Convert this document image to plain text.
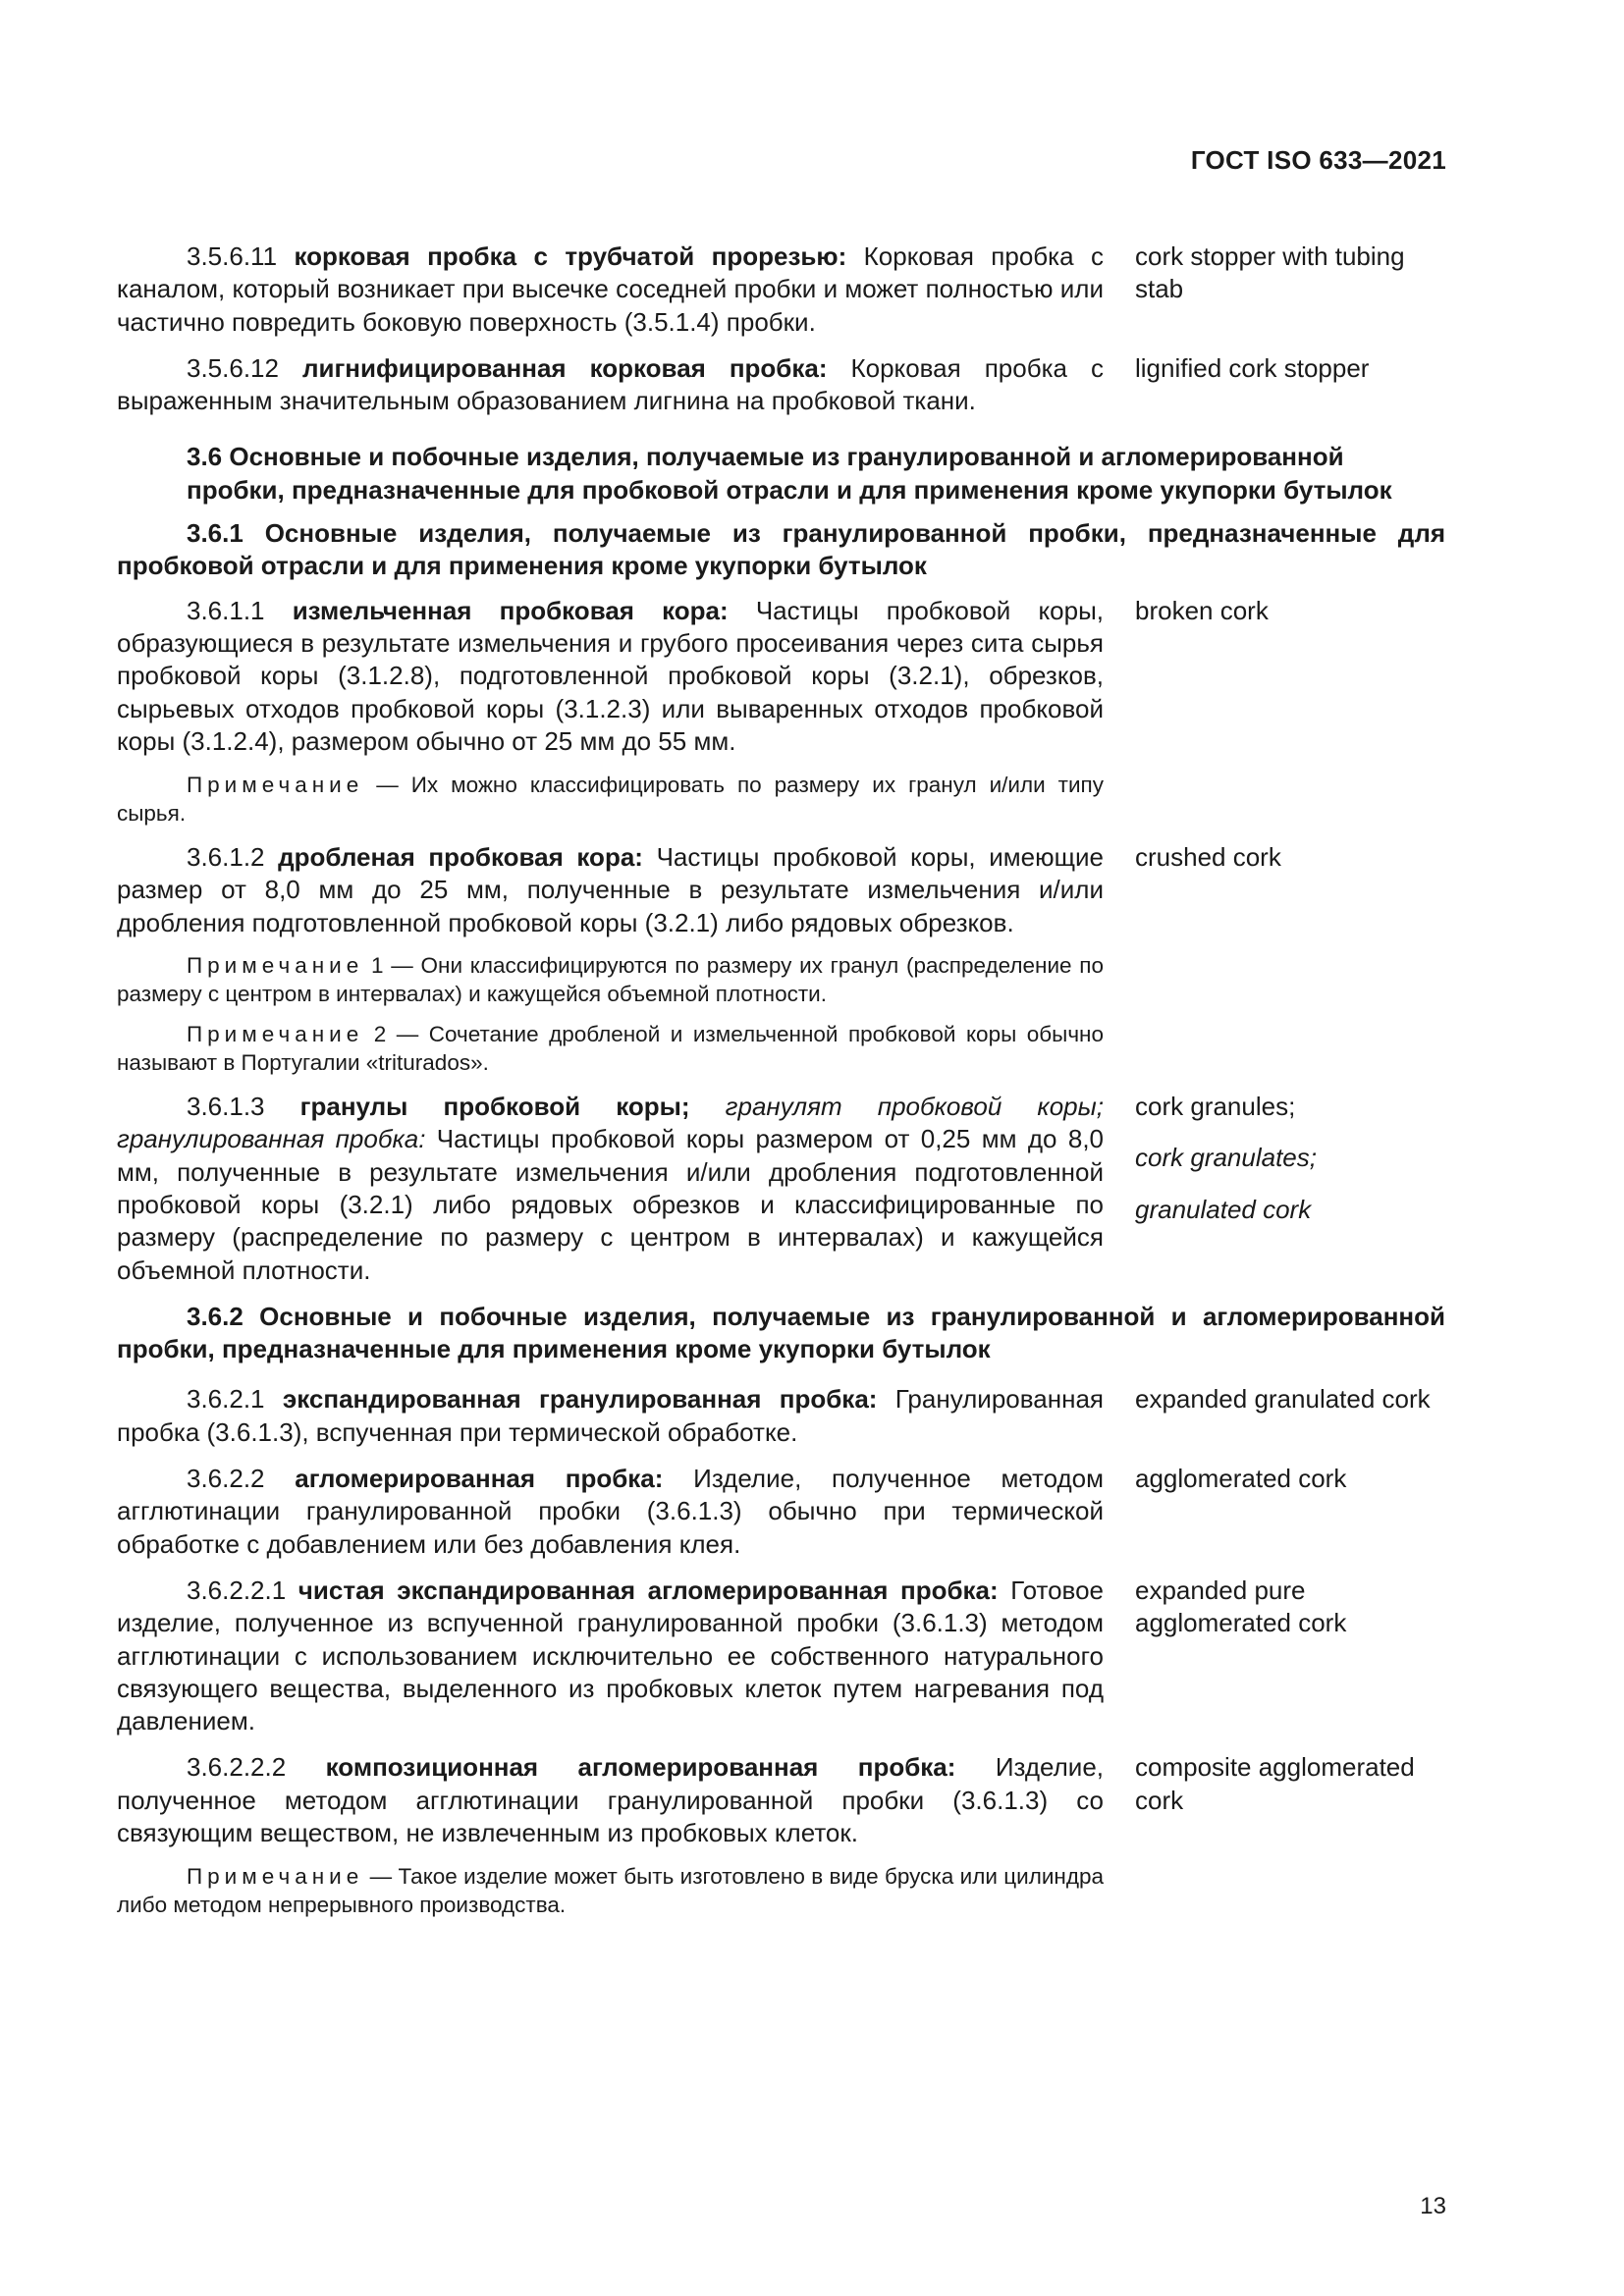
ГОСТ ISO 633—2021
3.5.6.11 корковая пробка с трубчатой прорезью: Корковая пробка с каналом, который возникает при высечке соседней пробки и может полностью или частично повредить боковую поверхность (3.5.1.4) пробки.
cork stopper with tubing stab
3.5.6.12 лигнифицированная корковая пробка: Корковая пробка с выраженным значительным образованием лигнина на пробковой ткани.
lignified cork stopper
3.6 Основные и побочные изделия, получаемые из гранулированной и агломерированной пробки, предназначенные для пробковой отрасли и для применения кроме укупорки бутылок
3.6.1 Основные изделия, получаемые из гранулированной пробки, предназначенные для пробковой отрасли и для применения кроме укупорки бутылок
3.6.1.1 измельченная пробковая кора: Частицы пробковой коры, образующиеся в результате измельчения и грубого просеивания через сита сырья пробковой коры (3.1.2.8), подготовленной пробковой коры (3.2.1), обрезков, сырьевых отходов пробковой коры (3.1.2.3) или вываренных отходов пробковой коры (3.1.2.4), размером обычно от 25 мм до 55 мм.
broken cork
Примечание — Их можно классифицировать по размеру их гранул и/или типу сырья.
3.6.1.2 дробленая пробковая кора: Частицы пробковой коры, имеющие размер от 8,0 мм до 25 мм, полученные в результате измельчения и/или дробления подготовленной пробковой коры (3.2.1) либо рядовых обрезков.
crushed cork
Примечание 1 — Они классифицируются по размеру их гранул (распределение по размеру с центром в интервалах) и кажущейся объемной плотности.
Примечание 2 — Сочетание дробленой и измельченной пробковой коры обычно называют в Португалии «triturados».
3.6.1.3 гранулы пробковой коры; гранулят пробковой коры; гранулированная пробка: Частицы пробковой коры размером от 0,25 мм до 8,0 мм, полученные в результате измельчения и/или дробления подготовленной пробковой коры (3.2.1) либо рядовых обрезков и классифицированные по размеру (распределение по размеру с центром в интервалах) и кажущейся объемной плотности.
cork granules;
cork granulates;
granulated cork
3.6.2 Основные и побочные изделия, получаемые из гранулированной и агломерированной пробки, предназначенные для применения кроме укупорки бутылок
3.6.2.1 экспандированная гранулированная пробка: Гранулированная пробка (3.6.1.3), вспученная при термической обработке.
expanded granulated cork
3.6.2.2 агломерированная пробка: Изделие, полученное методом агглютинации гранулированной пробки (3.6.1.3) обычно при термической обработке с добавлением или без добавления клея.
agglomerated cork
3.6.2.2.1 чистая экспандированная агломерированная пробка: Готовое изделие, полученное из вспученной гранулированной пробки (3.6.1.3) методом агглютинации с использованием исключительно ее собственного натурального связующего вещества, выделенного из пробковых клеток путем нагревания под давлением.
expanded pure agglomerated cork
3.6.2.2.2 композиционная агломерированная пробка: Изделие, полученное методом агглютинации гранулированной пробки (3.6.1.3) со связующим веществом, не извлеченным из пробковых клеток.
composite agglomerated cork
Примечание — Такое изделие может быть изготовлено в виде бруска или цилиндра либо методом непрерывного производства.
13
